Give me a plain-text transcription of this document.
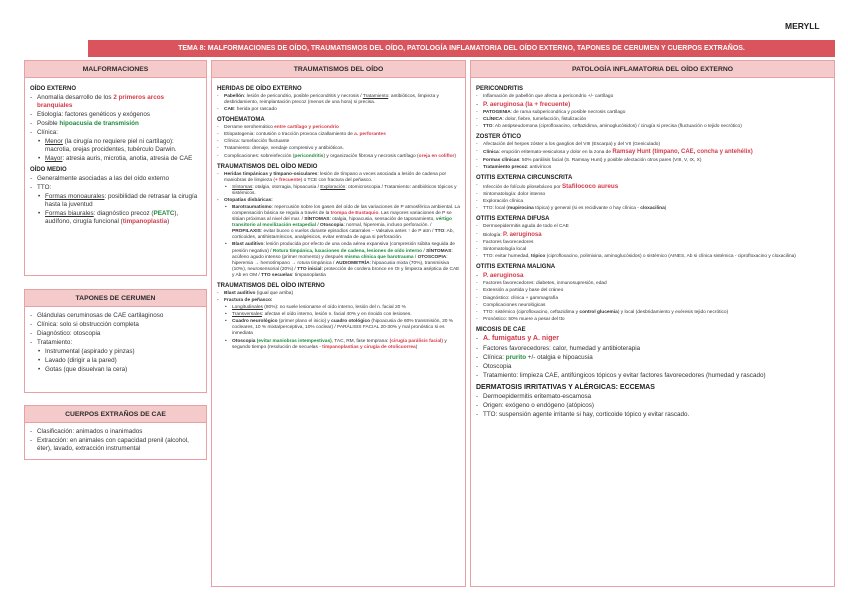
MERYLL
TEMA 8: MALFORMACIONES DE OÍDO, TRAUMATISMOS DEL OÍDO, PATOLOGÍA INFLAMATORIA DEL OÍDO EXTERNO, TAPONES DE CERUMEN Y CUERPOS EXTRAÑOS.
MALFORMACIONES
OÍDO EXTERNO
- Anomalía desarrollo de los 2 primeros arcos branquiales
- Etiología: factores genéticos y exógenos
- Posible hipoacusia de transmisión
- Clínica:
• Menor (la cirugía no requiere piel ni cartílago): macrotia, orejas procidentes, tubérculo Darwin.
• Mayor: atresia auris, microtia, anotia, atresia de CAE
OÍDO MEDIO
- Generalmente asociadas a las del oído externo
- TTO:
• Formas monoaurales: posibilidad de retrasar la cirugía hasta la juventud
• Formas biaurales: diagnóstico precoz (PEATC), audífono, cirugía funcional (timpanoplastia)
TAPONES DE CERUMEN
- Glándulas ceruminosas de CAE cartilaginoso
- Clínica: solo si obstrucción completa
- Diagnóstico: otoscopia
- Tratamiento:
• Instrumental (aspirado y pinzas)
• Lavado (dirigir a la pared)
• Gotas (que disuelvan la cera)
CUERPOS EXTRAÑOS DE CAE
- Clasificación: animados o inanimados
- Extracción: en animales con capacidad prenil (alcohol, éter), lavado, extracción instrumental
TRAUMATISMOS DEL OÍDO
HERIDAS DE OÍDO EXTERNO
- Pabellón: lesión de pericondrio, posible pericondritis y necrosis / Tratamiento: antibióticos, limpieza y desbridamiento, reimplantación precoz (menos de una hora) si precisa.
- CAE: herida por rascado
OTOHEMATOMA
- Derrame serohemático entre cartílago y pericondrio
- Etiopatogenia: contusión o tracción provoca cizallamiento de a. perforantes
- Clínica: tumefacción fluctuante
- Tratamiento: drenaje, vendaje compresivo y antibióticos.
- Complicaciones: sobreinfección (pericondritis) y organización fibrosa y necrosis cartílago (oreja en coliflor)
TRAUMATISMOS DEL OÍDO MEDIO
- Heridas timpánicas y tímpano-osiculares: lesión de tímpano a veces asociada a lesión de cadena por maniobras de limpieza (+ frecuente) o TCE con fractura del peñasco.
• Síntomas: otalgia, otorragia, hipoacusia / Exploración: otomicroscopia / Tratamiento: antibióticos tópicos y sistémicos.
- Otopatías disbáricas:
• Barotraumatismo: repercusión sobre los gases del oído de las variaciones de P atmosférica ambiental. La compensación básica se regula a través de la trompa de Eustaquio. Las mayores variaciones de P se sitúan próximas al nivel del mar. / SÍNTOMAS: otalgia, hipoacusia, sensación de taponamiento, vértigo transitorio al movilización estapedial / Otoscopia: normal, hiperemia, incluso perforación. / PROFILAXIS: evitar buceo o vuelos durante episodios catarrales – Valsalva antes ↑ de P atm / TTO: Ab, corticoides, antihistamínicos, analgésicos, evitar entrada de agua si perforación.
• Blast auditivo: lesión producida por efecto de una onda aérea expansiva (compresión súbita seguida de presión negativa) / Rotura timpánica, luxaciones de cadena, lesiones de oído interno / SÍNTOMAS: acúfeno agudo intenso (primer momento) y después misma clínica que barotrauma / OTOSCOPIA: hiperemia → hemotímpano → rotura timpánica / AUDIOMETRÍA: hipoacusia mixta (70%), transmisiva (10%), neurosensorial (20%) / TTO inicial: protección de cordera bronce en OI y limpieza aséptica de CAE y Ab en OM / TTO secuelas: timpanoplastia
TRAUMATISMOS DEL OÍDO INTERNO
- Blast auditivo (igual que arriba)
- Fractura de peñasco:
• Longitudinales (80%): no suele lesionarse el oído interno, lesión del n. facial 20 %
• Transversales: afectan el oído interno, lesión n. facial 40% y en rinoido con lesiones.
• Cuadro neurológico (primer plano el inicio) y cuadro otológico (hipoacusia de 60% transmisión, 20 % cocleares, 10 % mixta/perceptiva, 10% coclear) / PARÁLISIS FACIAL 20-30% y mal pronóstico si es inmediata
• Otoscopia (evitar maniobras intempestivas), TAC, RM, fase temprana: (cirugía parálisis facial) y segundo tiempo (resolución de secuelas - timpanoplastias y cirugía de otolicuorrea)
PATOLOGÍA INFLAMATORIA DEL OÍDO EXTERNO
PERICONDRITIS
- Inflamación de pabellón que afecta a pericondrio +/- cartílago
- P. aeruginosa (la + frecuente)
- PATOGENIA: de rama subpericondrica y posible necrosis cartílago
- CLÍNICA: dolor, fiebre, tumefacción, fistulización
- TTO: Ab antipseudomona (ciprofloxacino, ceftazidima, aminoglucósidos) / cirugía si precisa (fluctuación o tejido necrótico)
ZOSTER ÓTICO
- Afectación del herpes zóster a los ganglios del VIII (Escarpa) y del VII (Geniculado)
- Clínica: erupción eritemato-vesiculosa y dolor en la zona de Ramsay Hunt (tímpano, CAE, concha y antehélix)
- Formas clínicas: 50% parálisis facial (S. Ramsay Hunt) y posible afectación otros pares (VIII, V, IX, X)
- Tratamiento precoz: antivíricos
OTITIS EXTERNA CIRCUNSCRITA
- Infección de folículo pilosebáceo por Stafilococo aureus
- Sintomatología: dolor intenso
- Exploración clínica
- TTO: local (mupirocina tópica) y general (si es recidivante o hay clínica - cloxacilina)
OTITIS EXTERNA DIFUSA
- Dermoepidermitis aguda de todo el CAE
- Biología: P. aeruginosa
- Factores favorecedores
- Sintomatología local
- TTO: evitar humedad, tópico (ciprofloxacino, polimixina, aminoglucósidos) o sistémico (AINES, Ab si clínica sistémica - ciprofloxacino y cloxacilina)
OTITIS EXTERNA MALIGNA
- P. aeruginosa
- Factores favorecedores: diabetes, inmunosupresión, edad
- Extensión a partida y base del cráneo
- Diagnóstico: clínica + gammagrafía
- Complicaciones neurológicas
- TTO: sistémico (ciprofloxacino, ceftazidima y control glucemia) y local (desbridamiento y exéresis tejido necrótico)
- Pronóstico: 50% muere a pesar del tto
MICOSIS DE CAE
- A. fumigatus y A. niger
- Factores favorecedores: calor, humedad y antibioterapia
- Clínica: prurito +/- otalgia e hipoacusia
- Otoscopia
- Tratamiento: limpieza CAE, antifúngicos tópicos y evitar factores favorecedores (humedad y rascado)
DERMATOSIS IRRITATIVAS Y ALÉRGICAS: ECCEMAS
- Dermoepidermitis eritemato-escamosa
- Origen: exógeno o endógeno (atópicos)
- TTO: suspensión agente irritante si hay, corticoide tópico y evitar rascado.
